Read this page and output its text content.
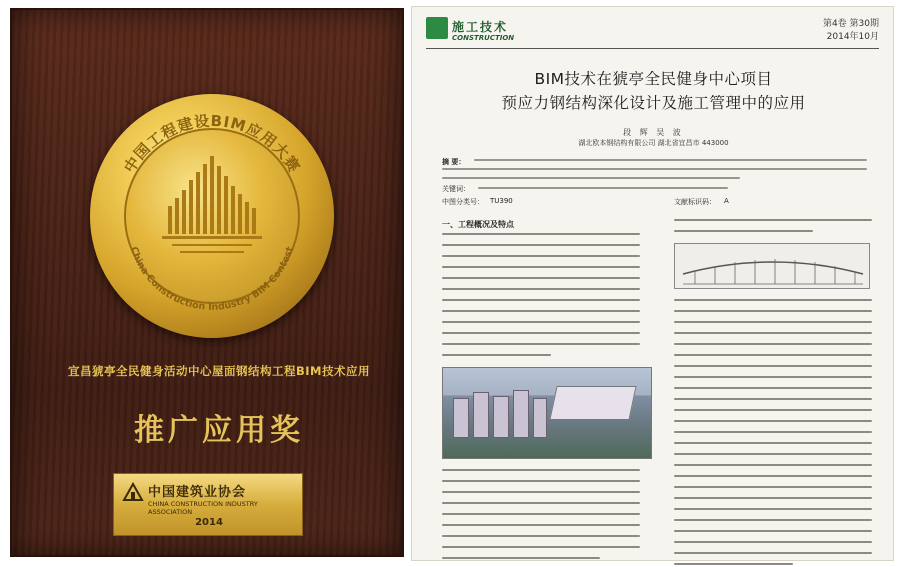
中国工程建设BIM应用大赛
China Construction Industry BIM Contest
宜昌猇亭全民健身活动中心屋面钢结构工程BIM技术应用
推广应用奖
中国建筑业协会
CHINA CONSTRUCTION INDUSTRY ASSOCIATION
2014
施工技术
CONSTRUCTION
第4卷 第30期
2014年10月
BIM技术在猇亭全民健身中心项目
预应力钢结构深化设计及施工管理中的应用
段 辉 吴 波
湖北欧本钢结构有限公司 湖北省宜昌市 443000
摘 要：
关键词：
中图分类号： TU390	文献标识码： A
一、工程概况及特点
